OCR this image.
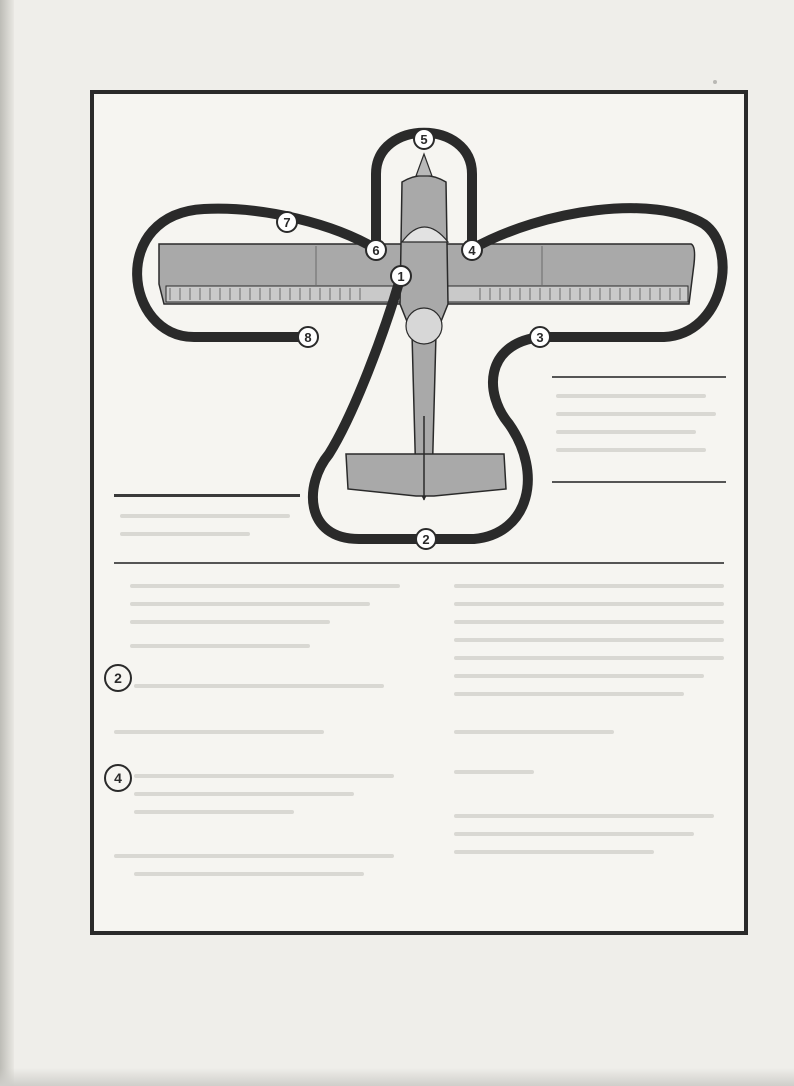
1
2
3
4
5
6
7
8
2
4
